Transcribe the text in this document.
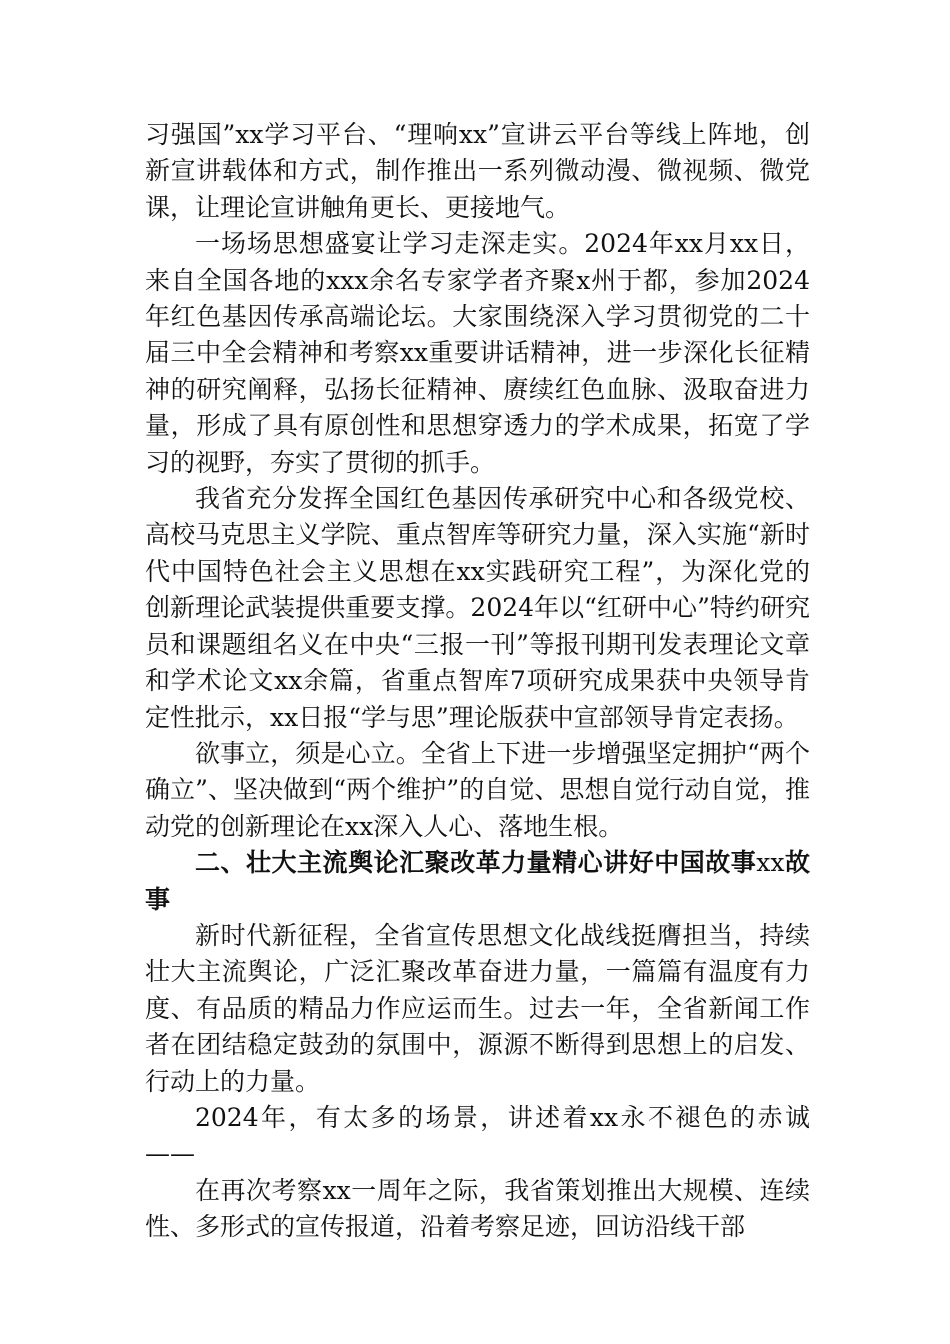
习强国”xx学习平台、“理响xx”宣讲云平台等线上阵地，创新宣讲载体和方式，制作推出一系列微动漫、微视频、微党课，让理论宣讲触角更长、更接地气。

一场场思想盛宴让学习走深走实。2024年xx月xx日，来自全国各地的xxx余名专家学者齐聚x州于都，参加2024年红色基因传承高端论坛。大家围绕深入学习贯彻党的二十届三中全会精神和考察xx重要讲话精神，进一步深化长征精神的研究阐释，弘扬长征精神、赓续红色血脉、汲取奋进力量，形成了具有原创性和思想穿透力的学术成果，拓宽了学习的视野，夯实了贯彻的抓手。

我省充分发挥全国红色基因传承研究中心和各级党校、高校马克思主义学院、重点智库等研究力量，深入实施“新时代中国特色社会主义思想在xx实践研究工程”，为深化党的创新理论武装提供重要支撑。2024年以“红研中心”特约研究员和课题组名义在中央“三报一刊”等报刊期刊发表理论文章和学术论文xx余篇，省重点智库7项研究成果获中央领导肯定性批示，xx日报“学与思”理论版获中宣部领导肯定表扬。

欲事立，须是心立。全省上下进一步增强坚定拥护“两个确立”、坚决做到“两个维护”的自觉、思想自觉行动自觉，推动党的创新理论在xx深入人心、落地生根。

二、壮大主流舆论汇聚改革力量精心讲好中国故事xx故事

新时代新征程，全省宣传思想文化战线挺膺担当，持续壮大主流舆论，广泛汇聚改革奋进力量，一篇篇有温度有力度、有品质的精品力作应运而生。过去一年，全省新闻工作者在团结稳定鼓劲的氛围中，源源不断得到思想上的启发、行动上的力量。

2024年，有太多的场景，讲述着xx永不褪色的赤诚——

在再次考察xx一周年之际，我省策划推出大规模、连续性、多形式的宣传报道，沿着考察足迹，回访沿线干部
